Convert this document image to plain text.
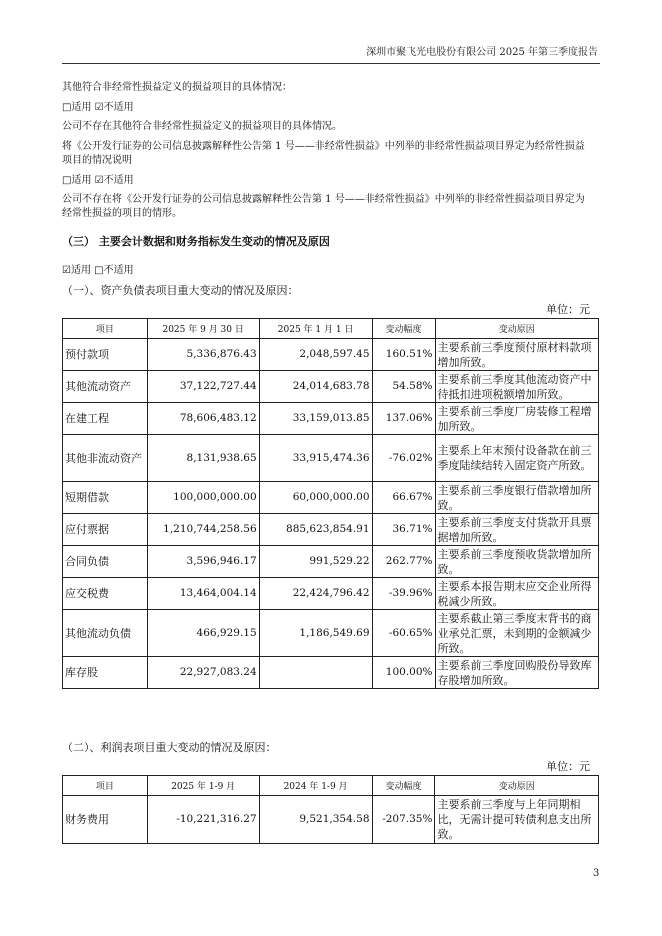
深圳市聚飞光电股份有限公司 2025 年第三季度报告
其他符合非经常性损益定义的损益项目的具体情况：
□适用 ☑不适用
公司不存在其他符合非经常性损益定义的损益项目的具体情况。
将《公开发行证券的公司信息披露解释性公告第 1 号——非经常性损益》中列举的非经常性损益项目界定为经常性损益
项目的情况说明
□适用 ☑不适用
公司不存在将《公开发行证券的公司信息披露解释性公告第 1 号——非经常性损益》中列举的非经常性损益项目界定为
经常性损益的项目的情形。
（三） 主要会计数据和财务指标发生变动的情况及原因
☑适用 □不适用
（一）、资产负债表项目重大变动的情况及原因：
单位：元
项目	2025 年 9 月 30 日	2025 年 1 月 1 日	变动幅度	变动原因
预付款项	5,336,876.43	2,048,597.45	160.51%	主要系前三季度预付原材料款项增加所致。
其他流动资产	37,122,727.44	24,014,683.78	54.58%	主要系前三季度其他流动资产中待抵扣进项税额增加所致。
在建工程	78,606,483.12	33,159,013.85	137.06%	主要系前三季度厂房装修工程增加所致。
其他非流动资产	8,131,938.65	33,915,474.36	-76.02%	主要系上年末预付设备款在前三季度陆续结转入固定资产所致。
短期借款	100,000,000.00	60,000,000.00	66.67%	主要系前三季度银行借款增加所致。
应付票据	1,210,744,258.56	885,623,854.91	36.71%	主要系前三季度支付货款开具票据增加所致。
合同负债	3,596,946.17	991,529.22	262.77%	主要系前三季度预收货款增加所致。
应交税费	13,464,004.14	22,424,796.42	-39.96%	主要系本报告期末应交企业所得税减少所致。
其他流动负债	466,929.15	1,186,549.69	-60.65%	主要系截止第三季度末背书的商业承兑汇票，未到期的金额减少所致。
库存股	22,927,083.24		100.00%	主要系前三季度回购股份导致库存股增加所致。
（二）、利润表项目重大变动的情况及原因：
单位：元
项目	2025 年 1-9 月	2024 年 1-9 月	变动幅度	变动原因
财务费用	-10,221,316.27	9,521,354.58	-207.35%	主要系前三季度与上年同期相比，无需计提可转债利息支出所致。
3
